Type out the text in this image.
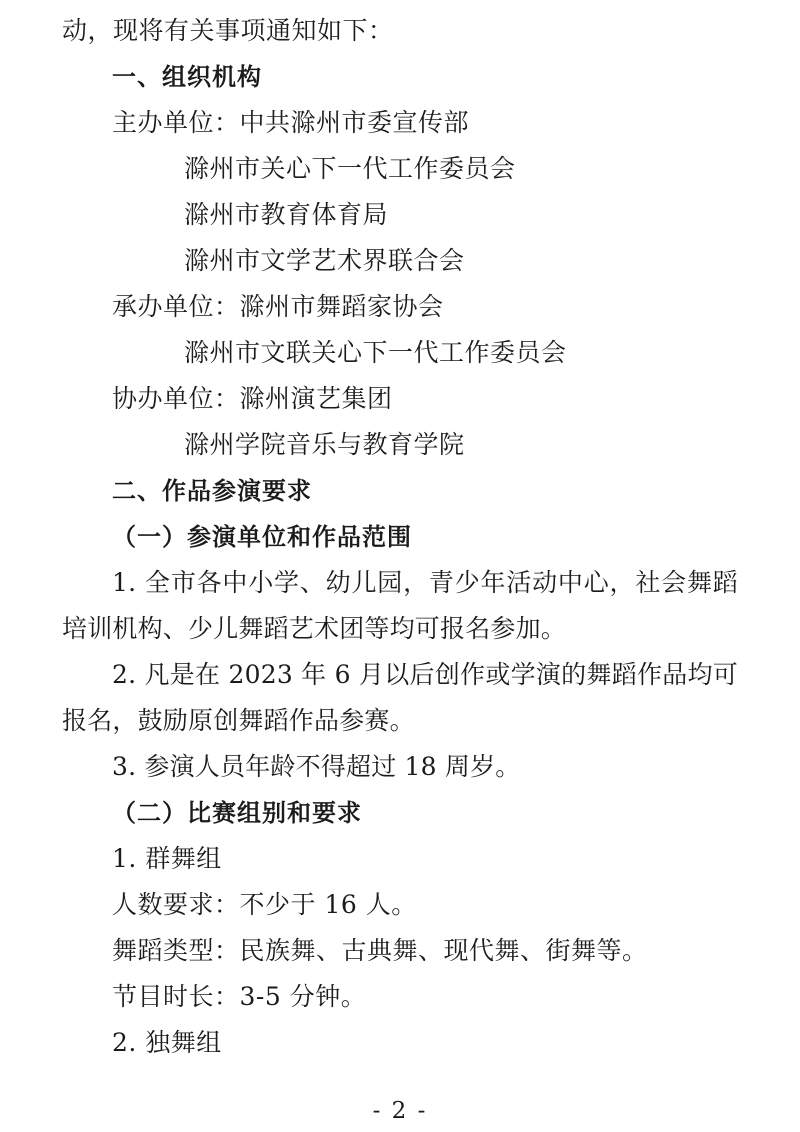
动，现将有关事项通知如下：

一、组织机构

主办单位：中共滁州市委宣传部

滁州市关心下一代工作委员会

滁州市教育体育局

滁州市文学艺术界联合会

承办单位：滁州市舞蹈家协会

滁州市文联关心下一代工作委员会

协办单位：滁州演艺集团

滁州学院音乐与教育学院

二、作品参演要求

（一）参演单位和作品范围

1. 全市各中小学、幼儿园，青少年活动中心，社会舞蹈培训机构、少儿舞蹈艺术团等均可报名参加。

2. 凡是在 2023 年 6 月以后创作或学演的舞蹈作品均可报名，鼓励原创舞蹈作品参赛。

3. 参演人员年龄不得超过 18 周岁。

（二）比赛组别和要求

1. 群舞组

人数要求：不少于 16 人。

舞蹈类型：民族舞、古典舞、现代舞、街舞等。

节目时长：3-5 分钟。

2. 独舞组

- 2 -
